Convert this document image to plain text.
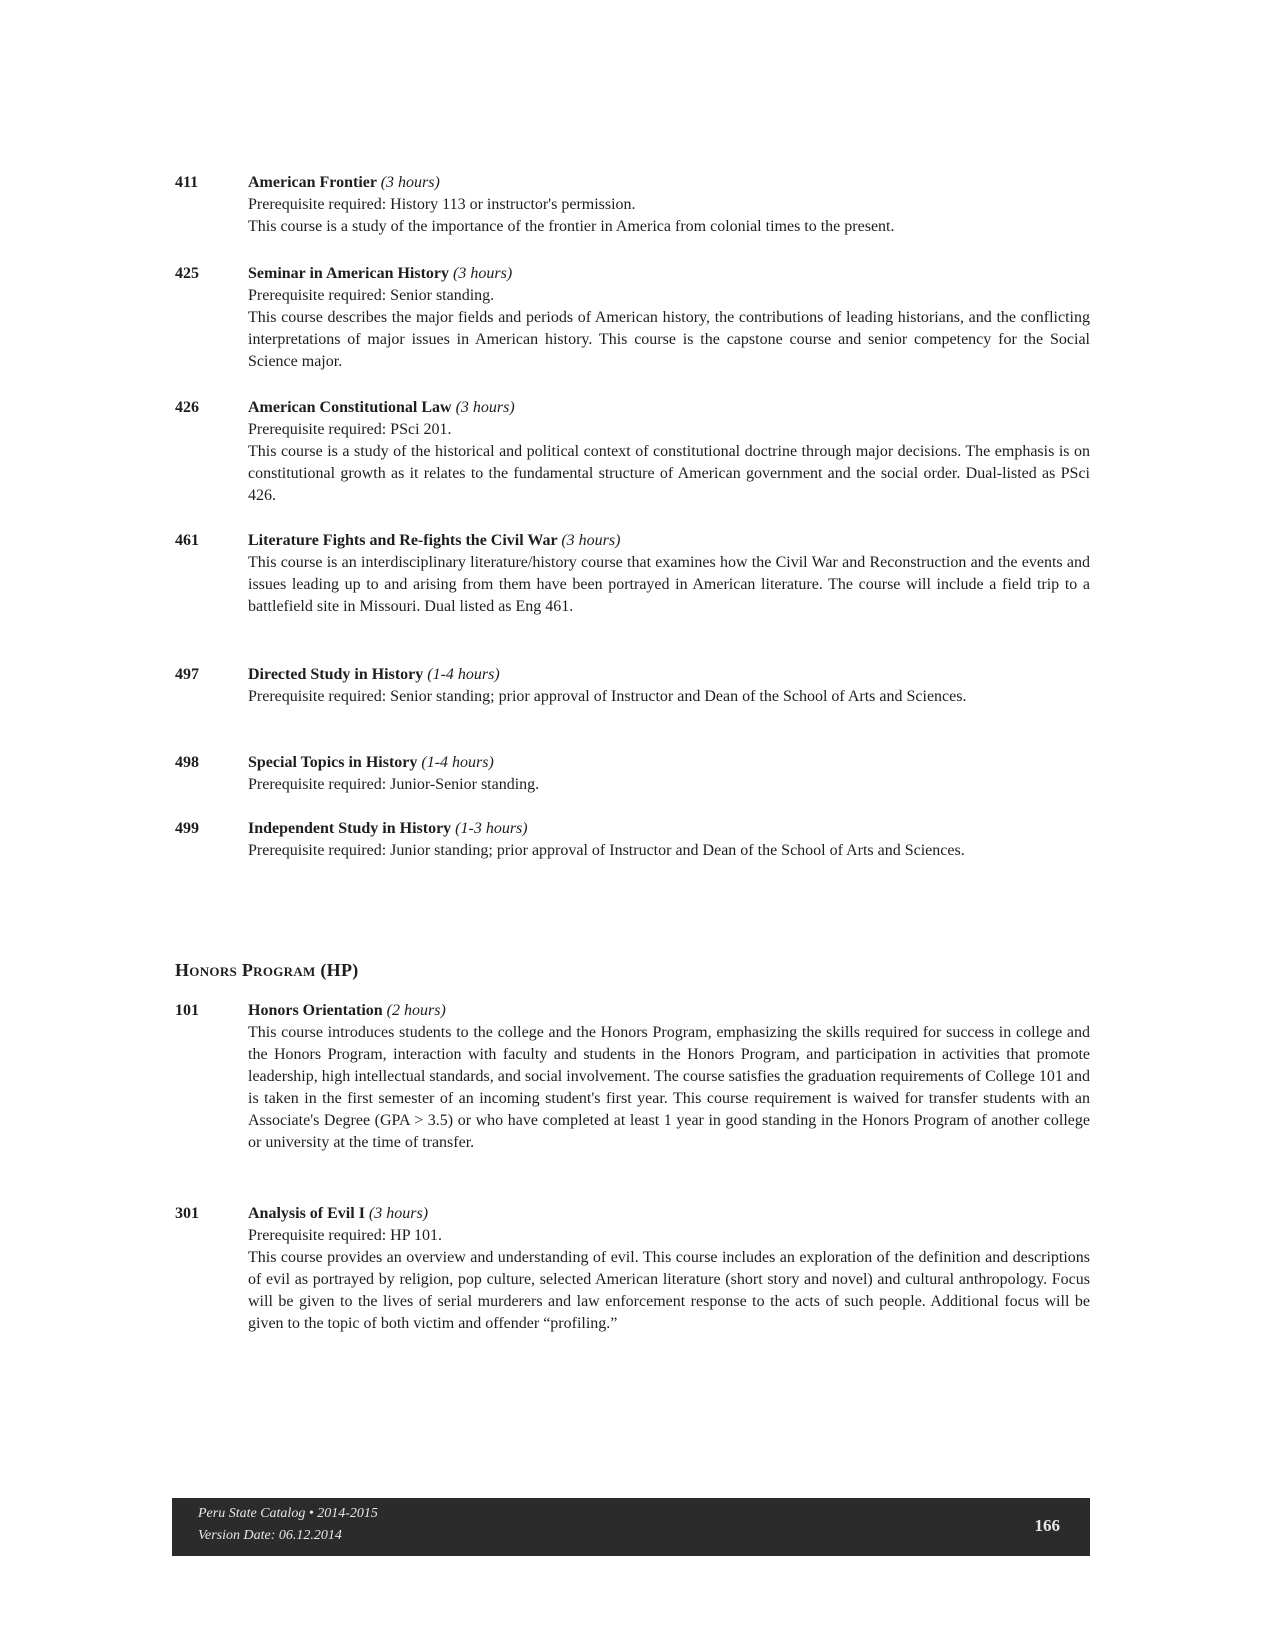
411	American Frontier (3 hours)
Prerequisite required: History 113 or instructor's permission.
This course is a study of the importance of the frontier in America from colonial times to the present.
425	Seminar in American History (3 hours)
Prerequisite required: Senior standing.
This course describes the major fields and periods of American history, the contributions of leading historians, and the conflicting interpretations of major issues in American history. This course is the capstone course and senior competency for the Social Science major.
426	American Constitutional Law (3 hours)
Prerequisite required: PSci 201.
This course is a study of the historical and political context of constitutional doctrine through major decisions. The emphasis is on constitutional growth as it relates to the fundamental structure of American government and the social order. Dual-listed as PSci 426.
461	Literature Fights and Re-fights the Civil War (3 hours)
This course is an interdisciplinary literature/history course that examines how the Civil War and Reconstruction and the events and issues leading up to and arising from them have been portrayed in American literature. The course will include a field trip to a battlefield site in Missouri. Dual listed as Eng 461.
497	Directed Study in History (1-4 hours)
Prerequisite required: Senior standing; prior approval of Instructor and Dean of the School of Arts and Sciences.
498	Special Topics in History (1-4 hours)
Prerequisite required: Junior-Senior standing.
499	Independent Study in History (1-3 hours)
Prerequisite required: Junior standing; prior approval of Instructor and Dean of the School of Arts and Sciences.
Honors Program (HP)
101	Honors Orientation (2 hours)
This course introduces students to the college and the Honors Program, emphasizing the skills required for success in college and the Honors Program, interaction with faculty and students in the Honors Program, and participation in activities that promote leadership, high intellectual standards, and social involvement. The course satisfies the graduation requirements of College 101 and is taken in the first semester of an incoming student's first year. This course requirement is waived for transfer students with an Associate's Degree (GPA > 3.5) or who have completed at least 1 year in good standing in the Honors Program of another college or university at the time of transfer.
301	Analysis of Evil I (3 hours)
Prerequisite required: HP 101.
This course provides an overview and understanding of evil. This course includes an exploration of the definition and descriptions of evil as portrayed by religion, pop culture, selected American literature (short story and novel) and cultural anthropology. Focus will be given to the lives of serial murderers and law enforcement response to the acts of such people. Additional focus will be given to the topic of both victim and offender “profiling.”
Peru State Catalog • 2014-2015
Version Date: 06.12.2014
166
